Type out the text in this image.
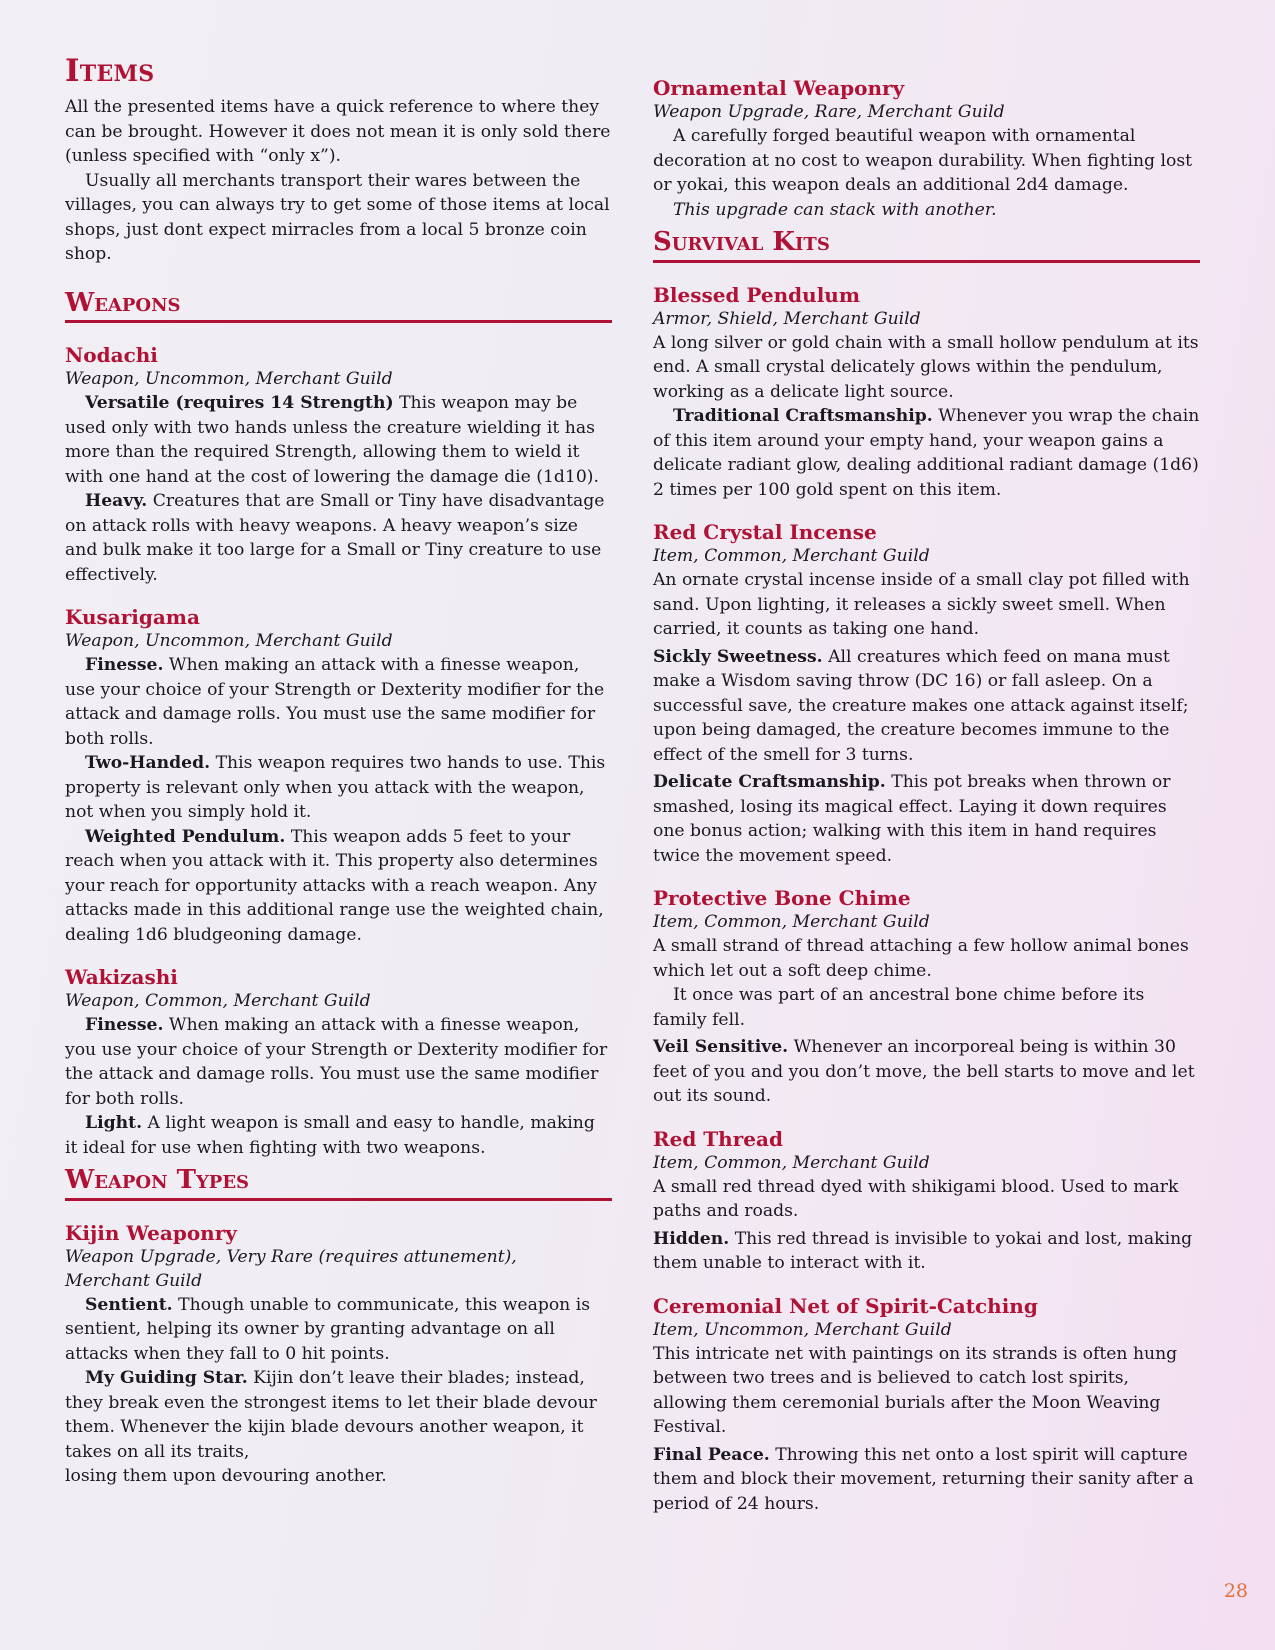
Items

All the presented items have a quick reference to where they can be brought. However it does not mean it is only sold there (unless specified with “only x”).

Usually all merchants transport their wares between the villages, you can always try to get some of those items at local shops, just dont expect mirracles from a local 5 bronze coin shop.

Weapons
Nodachi
Weapon, Uncommon, Merchant Guild

Versatile (requires 14 Strength) This weapon may be used only with two hands unless the creature wielding it has more than the required Strength, allowing them to wield it with one hand at the cost of lowering the damage die (1d10).

Heavy. Creatures that are Small or Tiny have disadvantage on attack rolls with heavy weapons. A heavy weapon’s size and bulk make it too large for a Small or Tiny creature to use effectively.

Kusarigama
Weapon, Uncommon, Merchant Guild

Finesse. When making an attack with a finesse weapon, use your choice of your Strength or Dexterity modifier for the attack and damage rolls. You must use the same modifier for both rolls.

Two-Handed. This weapon requires two hands to use. This property is relevant only when you attack with the weapon, not when you simply hold it.

Weighted Pendulum. This weapon adds 5 feet to your reach when you attack with it. This property also determines your reach for opportunity attacks with a reach weapon. Any attacks made in this additional range use the weighted chain, dealing 1d6 bludgeoning damage.

Wakizashi
Weapon, Common, Merchant Guild

Finesse. When making an attack with a finesse weapon, you use your choice of your Strength or Dexterity modifier for the attack and damage rolls. You must use the same modifier for both rolls.

Light. A light weapon is small and easy to handle, making it ideal for use when fighting with two weapons.

Weapon Types
Kijin Weaponry
Weapon Upgrade, Very Rare (requires attunement), Merchant Guild

Sentient. Though unable to communicate, this weapon is sentient, helping its owner by granting advantage on all attacks when they fall to 0 hit points.

My Guiding Star. Kijin don’t leave their blades; instead, they break even the strongest items to let their blade devour them. Whenever the kijin blade devours another weapon, it takes on all its traits,

losing them upon devouring another.

Ornamental Weaponry
Weapon Upgrade, Rare, Merchant Guild

A carefully forged beautiful weapon with ornamental decoration at no cost to weapon durability. When fighting lost or yokai, this weapon deals an additional 2d4 damage.

This upgrade can stack with another.

Survival Kits
Blessed Pendulum
Armor, Shield, Merchant Guild

A long silver or gold chain with a small hollow pendulum at its end. A small crystal delicately glows within the pendulum, working as a delicate light source.

Traditional Craftsmanship. Whenever you wrap the chain of this item around your empty hand, your weapon gains a delicate radiant glow, dealing additional radiant damage (1d6) 2 times per 100 gold spent on this item.

Red Crystal Incense
Item, Common, Merchant Guild

An ornate crystal incense inside of a small clay pot filled with sand. Upon lighting, it releases a sickly sweet smell. When carried, it counts as taking one hand.

Sickly Sweetness. All creatures which feed on mana must make a Wisdom saving throw (DC 16) or fall asleep. On a successful save, the creature makes one attack against itself; upon being damaged, the creature becomes immune to the effect of the smell for 3 turns.

Delicate Craftsmanship. This pot breaks when thrown or smashed, losing its magical effect. Laying it down requires one bonus action; walking with this item in hand requires twice the movement speed.

Protective Bone Chime
Item, Common, Merchant Guild

A small strand of thread attaching a few hollow animal bones which let out a soft deep chime.

It once was part of an ancestral bone chime before its family fell.

Veil Sensitive. Whenever an incorporeal being is within 30 feet of you and you don’t move, the bell starts to move and let out its sound.

Red Thread
Item, Common, Merchant Guild

A small red thread dyed with shikigami blood. Used to mark paths and roads.

Hidden. This red thread is invisible to yokai and lost, making them unable to interact with it.

Ceremonial Net of Spirit-Catching
Item, Uncommon, Merchant Guild

This intricate net with paintings on its strands is often hung between two trees and is believed to catch lost spirits, allowing them ceremonial burials after the Moon Weaving Festival.

Final Peace. Throwing this net onto a lost spirit will capture them and block their movement, returning their sanity after a period of 24 hours.

28
